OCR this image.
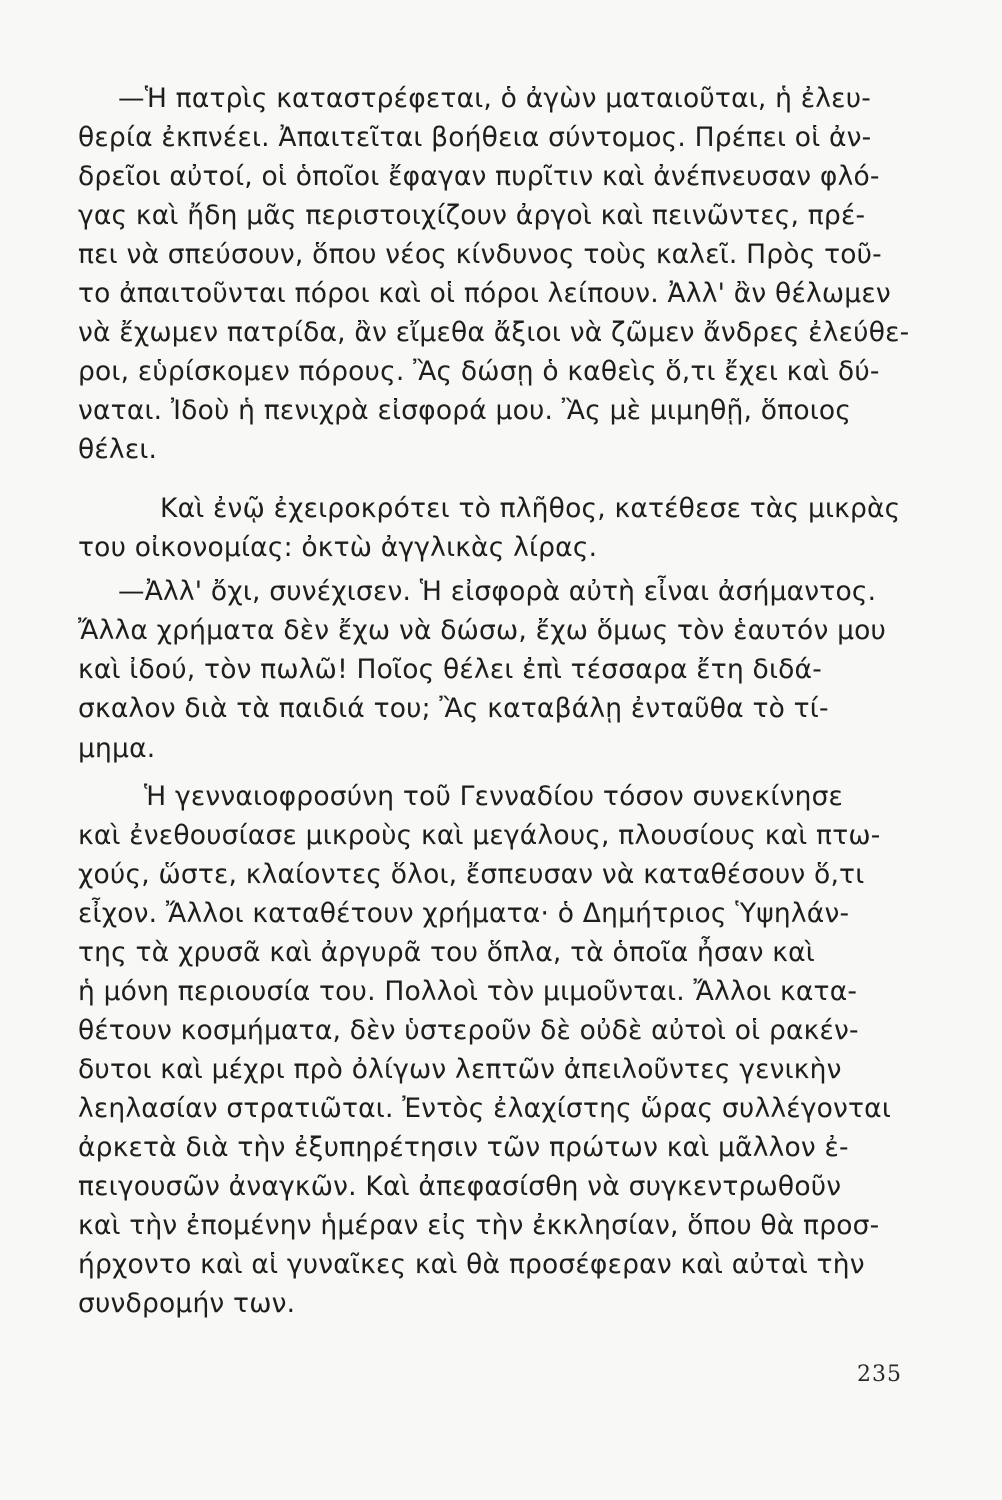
—Ἡ πατρὶς καταστρέφεται, ὁ ἀγὼν ματαιοῦται, ἡ ἐλευ-
θερία ἐκπνέει. Ἀπαιτεῖται βοήθεια σύντομος. Πρέπει οἱ ἀν-
δρεῖοι αὐτοί, οἱ ὁποῖοι ἔφαγαν πυρῖτιν καὶ ἀνέπνευσαν φλό-
γας καὶ ἤδη μᾶς περιστοιχίζουν ἀργοὶ καὶ πεινῶντες, πρέ-
πει νὰ σπεύσουν, ὅπου νέος κίνδυνος τοὺς καλεῖ. Πρὸς τοῦ-
το ἀπαιτοῦνται πόροι καὶ οἱ πόροι λείπουν. Ἀλλ' ἂν θέλωμεν
νὰ ἔχωμεν πατρίδα, ἂν εἴμεθα ἄξιοι νὰ ζῶμεν ἄνδρες ἐλεύθε-
ροι, εὑρίσκομεν πόρους. Ἂς δώσῃ ὁ καθεὶς ὅ,τι ἔχει καὶ δύ-
ναται. Ἰδοὺ ἡ πενιχρὰ εἰσφορά μου. Ἂς μὲ μιμηθῇ, ὅποιος
θέλει.
Καὶ ἐνῷ ἐχειροκρότει τὸ πλῆθος, κατέθεσε τὰς μικρὰς
του οἰκονομίας: ὀκτὼ ἀγγλικὰς λίρας.
—Ἀλλ' ὄχι, συνέχισεν. Ἡ εἰσφορὰ αὐτὴ εἶναι ἀσήμαντος.
Ἄλλα χρήματα δὲν ἔχω νὰ δώσω, ἔχω ὅμως τὸν ἑαυτόν μου
καὶ ἰδού, τὸν πωλῶ! Ποῖος θέλει ἐπὶ τέσσαρα ἔτη διδά-
σκαλον διὰ τὰ παιδιά του; Ἂς καταβάλῃ ἐνταῦθα τὸ τί-
μημα.
Ἡ γενναιοφροσύνη τοῦ Γενναδίου τόσον συνεκίνησε
καὶ ἐνεθουσίασε μικροὺς καὶ μεγάλους, πλουσίους καὶ πτω-
χούς, ὥστε, κλαίοντες ὅλοι, ἔσπευσαν νὰ καταθέσουν ὅ,τι
εἶχον. Ἄλλοι καταθέτουν χρήματα· ὁ Δημήτριος Ὑψηλάν-
της τὰ χρυσᾶ καὶ ἀργυρᾶ του ὅπλα, τὰ ὁποῖα ἦσαν καὶ
ἡ μόνη περιουσία του. Πολλοὶ τὸν μιμοῦνται. Ἄλλοι κατα-
θέτουν κοσμήματα, δὲν ὑστεροῦν δὲ οὐδὲ αὐτοὶ οἱ ρακέν-
δυτοι καὶ μέχρι πρὸ ὀλίγων λεπτῶν ἀπειλοῦντες γενικὴν
λεηλασίαν στρατιῶται. Ἐντὸς ἐλαχίστης ὥρας συλλέγονται
ἀρκετὰ διὰ τὴν ἐξυπηρέτησιν τῶν πρώτων καὶ μᾶλλον ἐ-
πειγουσῶν ἀναγκῶν. Καὶ ἀπεφασίσθη νὰ συγκεντρωθοῦν
καὶ τὴν ἐπομένην ἡμέραν εἰς τὴν ἐκκλησίαν, ὅπου θὰ προσ-
ήρχοντο καὶ αἱ γυναῖκες καὶ θὰ προσέφεραν καὶ αὐταὶ τὴν
συνδρομήν των.
235
